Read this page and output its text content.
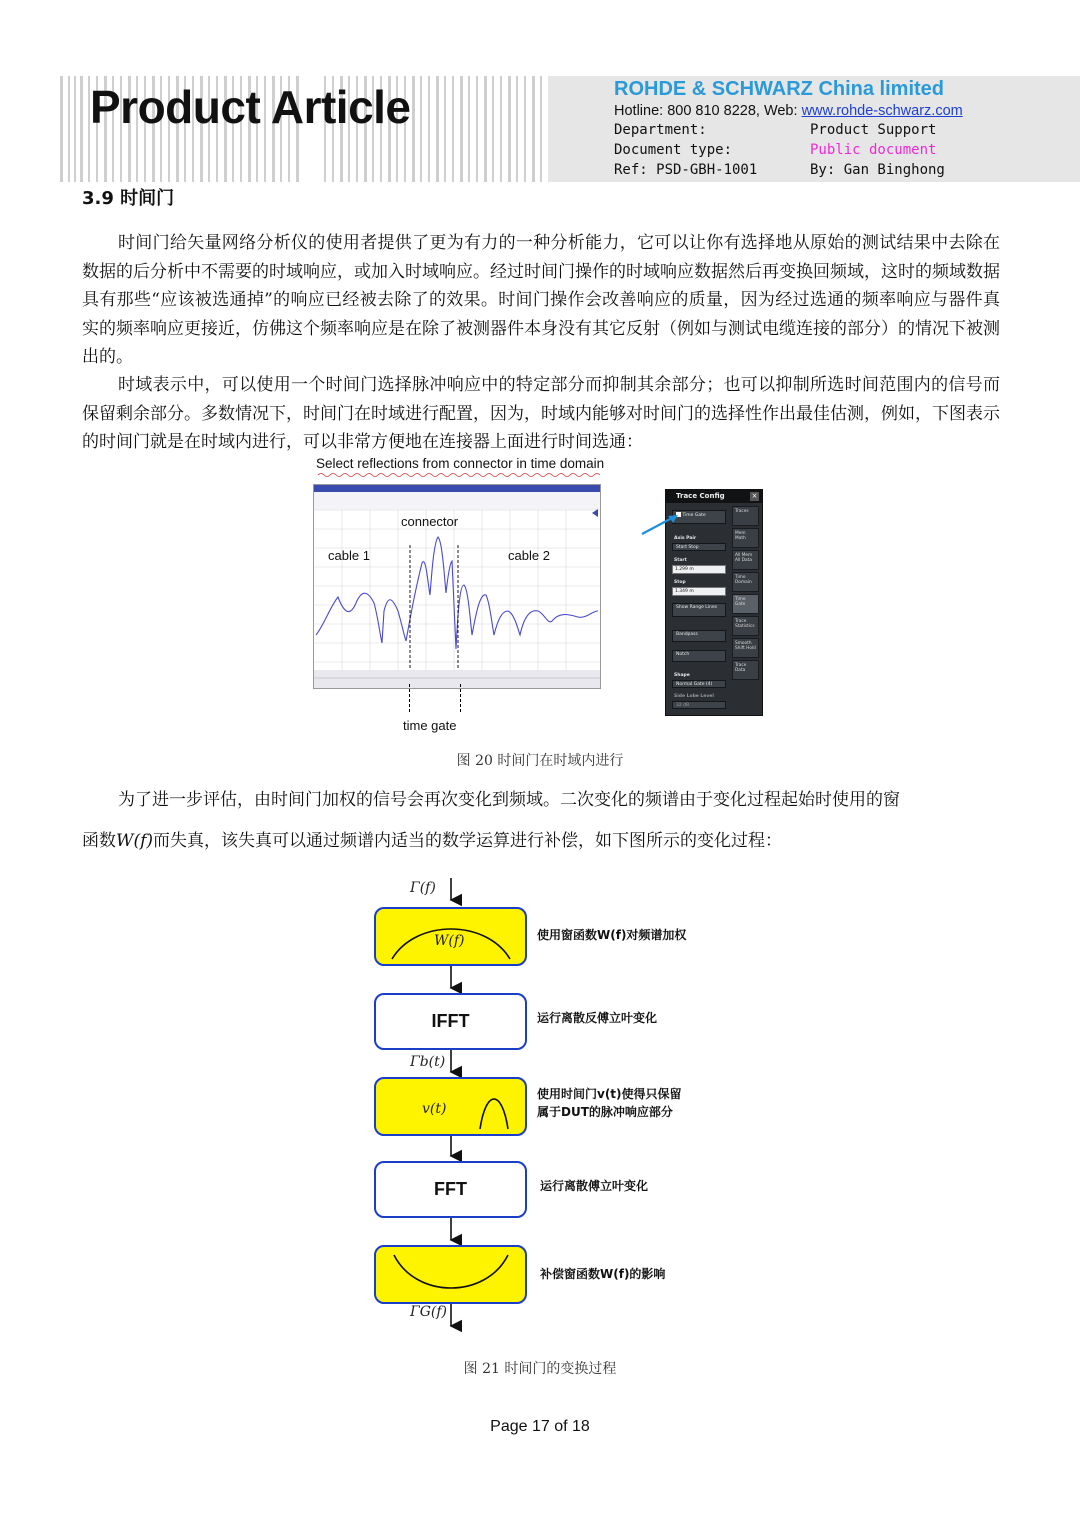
Product Article	ROHDE & SCHWARZ China limited
Hotline: 800 810 8228, Web: www.rohde-schwarz.com
Department:	Product Support
Document type:	Public document
Ref: PSD-GBH-1001	By: Gan Binghong
3.9 时间门

时间门给矢量网络分析仪的使用者提供了更为有力的一种分析能力，它可以让你有选择地从原始的测试结果中去除在数据的后分析中不需要的时域响应，或加入时域响应。经过时间门操作的时域响应数据然后再变换回频域，这时的频域数据具有那些“应该被选通掉”的响应已经被去除了的效果。时间门操作会改善响应的质量，因为经过选通的频率响应与器件真实的频率响应更接近，仿佛这个频率响应是在除了被测器件本身没有其它反射（例如与测试电缆连接的部分）的情况下被测出的。

时域表示中，可以使用一个时间门选择脉冲响应中的特定部分而抑制其余部分；也可以抑制所选时间范围内的信号而保留剩余部分。多数情况下，时间门在时域进行配置，因为，时域内能够对时间门的选择性作出最佳估测，例如，下图表示的时间门就是在时域内进行，可以非常方便地在连接器上面进行时间选通：

Select reflections from connector in time domain
connector
cable 1	cable 2
time gate
Trace Config	×
Time Gate
Axis Pair
Start Stop
Start
1.299 m
Stop
1.349 m
Show Range Lines
Bandpass
Notch
Shape
Normal Gate (4)
Side Lobe Level
32 dB
Traces
Mem Math
All Mem All Data
Time Domain
Time Gate
Trace Statistics
Smooth Shift Hold
Trace Data
图 20 时间门在时域内进行
为了进一步评估，由时间门加权的信号会再次变化到频域。二次变化的频谱由于变化过程起始时使用的窗
函数W(f)而失真，该失真可以通过频谱内适当的数学运算进行补偿，如下图所示的变化过程：
Γ(f)
W(f)	使用窗函数W(f)对频谱加权
IFFT	运行离散反傅立叶变化
Γb(t)
v(t)
使用时间门v(t)使得只保留
属于DUT的脉冲响应部分
FFT	运行离散傅立叶变化
补偿窗函数W(f)的影响
ΓG(f)
图 21 时间门的变换过程
Page 17 of 18
